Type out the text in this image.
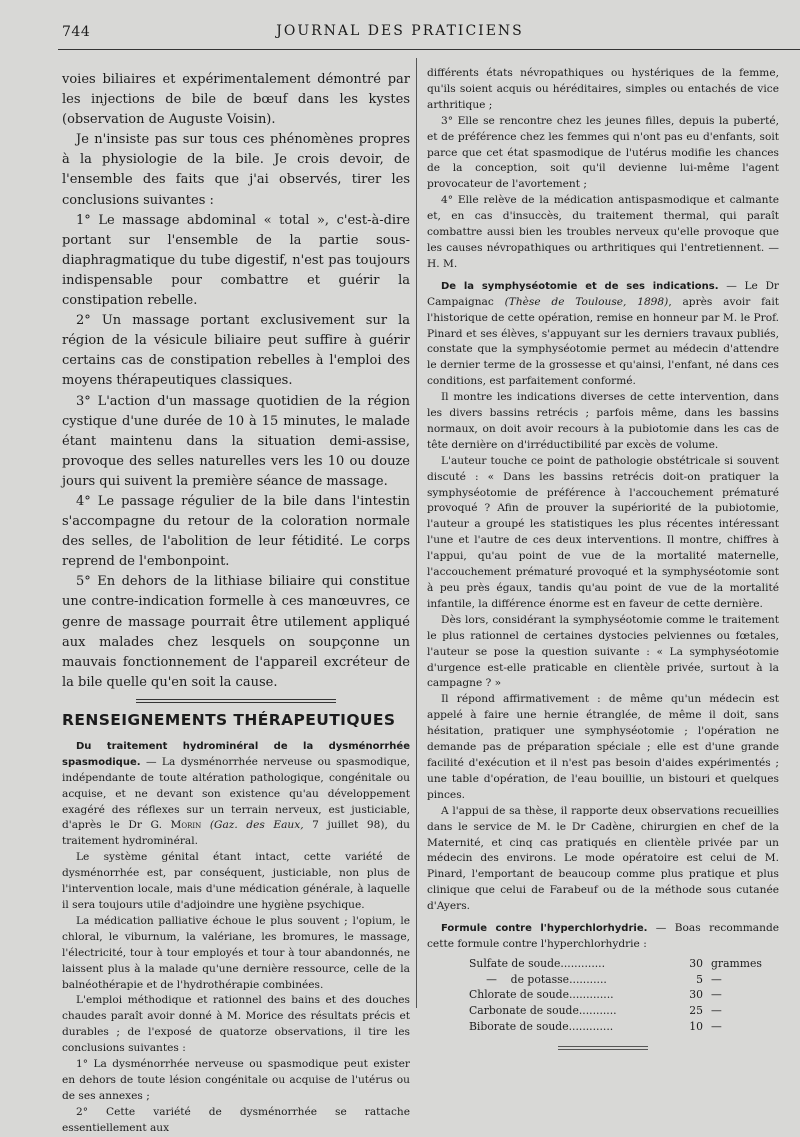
744	JOURNAL DES PRATICIENS

voies biliaires et expérimentalement démontré par les injections de bile de bœuf dans les kystes (observation de Auguste Voisin).

Je n'insiste pas sur tous ces phénomènes propres à la physiologie de la bile. Je crois devoir, de l'ensemble des faits que j'ai observés, tirer les conclusions suivantes :

1° Le massage abdominal « total », c'est-à-dire portant sur l'ensemble de la partie sous-diaphragmatique du tube digestif, n'est pas toujours indispensable pour combattre et guérir la constipation rebelle.

2° Un massage portant exclusivement sur la région de la vésicule biliaire peut suffire à guérir certains cas de constipation rebelles à l'emploi des moyens thérapeutiques classiques.

3° L'action d'un massage quotidien de la région cystique d'une durée de 10 à 15 minutes, le malade étant maintenu dans la situation demi-assise, provoque des selles naturelles vers les 10 ou douze jours qui suivent la première séance de massage.

4° Le passage régulier de la bile dans l'intestin s'accompagne du retour de la coloration normale des selles, de l'abolition de leur fétidité. Le corps reprend de l'embonpoint.

5° En dehors de la lithiase biliaire qui constitue une contre-indication formelle à ces manœuvres, ce genre de massage pourrait être utilement appliqué aux malades chez lesquels on soupçonne un mauvais fonctionnement de l'appareil excréteur de la bile quelle qu'en soit la cause.

RENSEIGNEMENTS THÉRAPEUTIQUES

Du traitement hydrominéral de la dysménorrhée spasmodique. — La dysménorrhée nerveuse ou spasmodique, indépendante de toute altération pathologique, congénitale ou acquise, et ne devant son existence qu'au développement exagéré des réflexes sur un terrain nerveux, est justiciable, d'après le Dr G. Morin (Gaz. des Eaux, 7 juillet 98), du traitement hydrominéral.

Le système génital étant intact, cette variété de dysménorrhée est, par conséquent, justiciable, non plus de l'intervention locale, mais d'une médication générale, à laquelle il sera toujours utile d'adjoindre une hygiène psychique.

La médication palliative échoue le plus souvent ; l'opium, le chloral, le viburnum, la valériane, les bromures, le massage, l'électricité, tour à tour employés et tour à tour abandonnés, ne laissent plus à la malade qu'une dernière ressource, celle de la balnéothérapie et de l'hydrothérapie combinées.

L'emploi méthodique et rationnel des bains et des douches chaudes paraît avoir donné à M. Morice des résultats précis et durables ; de l'exposé de quatorze observations, il tire les conclusions suivantes :

1° La dysménorrhée nerveuse ou spasmodique peut exister en dehors de toute lésion congénitale ou acquise de l'utérus ou de ses annexes ;

2° Cette variété de dysménorrhée se rattache essentiellement aux

différents états névropathiques ou hystériques de la femme, qu'ils soient acquis ou héréditaires, simples ou entachés de vice arthritique ;

3° Elle se rencontre chez les jeunes filles, depuis la puberté, et de préférence chez les femmes qui n'ont pas eu d'enfants, soit parce que cet état spasmodique de l'utérus modifie les chances de la conception, soit qu'il devienne lui-même l'agent provocateur de l'avortement ;

4° Elle relève de la médication antispasmodique et calmante et, en cas d'insuccès, du traitement thermal, qui paraît combattre aussi bien les troubles nerveux qu'elle provoque que les causes névropathiques ou arthritiques qui l'entretiennent. — H. M.

De la symphyséotomie et de ses indications. — Le Dr Campaignac (Thèse de Toulouse, 1898), après avoir fait l'historique de cette opération, remise en honneur par M. le Prof. Pinard et ses élèves, s'appuyant sur les derniers travaux publiés, constate que la symphyséotomie permet au médecin d'attendre le dernier terme de la grossesse et qu'ainsi, l'enfant, né dans ces conditions, est parfaitement conformé.

Il montre les indications diverses de cette intervention, dans les divers bassins retrécis ; parfois même, dans les bassins normaux, on doit avoir recours à la pubiotomie dans les cas de tête dernière on d'irréductibilité par excès de volume.

L'auteur touche ce point de pathologie obstétricale si souvent discuté : « Dans les bassins retrécis doit-on pratiquer la symphyséotomie de préférence à l'accouchement prématuré provoqué ? Afin de prouver la supériorité de la pubiotomie, l'auteur a groupé les statistiques les plus récentes intéressant l'une et l'autre de ces deux interventions. Il montre, chiffres à l'appui, qu'au point de vue de la mortalité maternelle, l'accouchement prématuré provoqué et la symphyséotomie sont à peu près égaux, tandis qu'au point de vue de la mortalité infantile, la différence énorme est en faveur de cette dernière.

Dès lors, considérant la symphyséotomie comme le traitement le plus rationnel de certaines dystocies pelviennes ou fœtales, l'auteur se pose la question suivante : « La symphyséotomie d'urgence est-elle praticable en clientèle privée, surtout à la campagne ? »

Il répond affirmativement : de même qu'un médecin est appelé à faire une hernie étranglée, de même il doit, sans hésitation, pratiquer une symphyséotomie ; l'opération ne demande pas de préparation spéciale ; elle est d'une grande facilité d'exécution et il n'est pas besoin d'aides expérimentés ; une table d'opération, de l'eau bouillie, un bistouri et quelques pinces.

A l'appui de sa thèse, il rapporte deux observations recueillies dans le service de M. le Dr Cadène, chirurgien en chef de la Maternité, et cinq cas pratiqués en clientèle privée par un médecin des environs. Le mode opératoire est celui de M. Pinard, l'emportant de beaucoup comme plus pratique et plus clinique que celui de Farabeuf ou de la méthode sous cutanée d'Ayers.

Formule contre l'hyperchlorhydrie. — Boas recommande cette formule contre l'hyperchlorhydrie :

Sulfate de soude.............	30 grammes
—    de potasse...........	5 —
Chlorate de soude.............	30 —
Carbonate de soude...........	25 —
Biborate de soude.............	10 —
